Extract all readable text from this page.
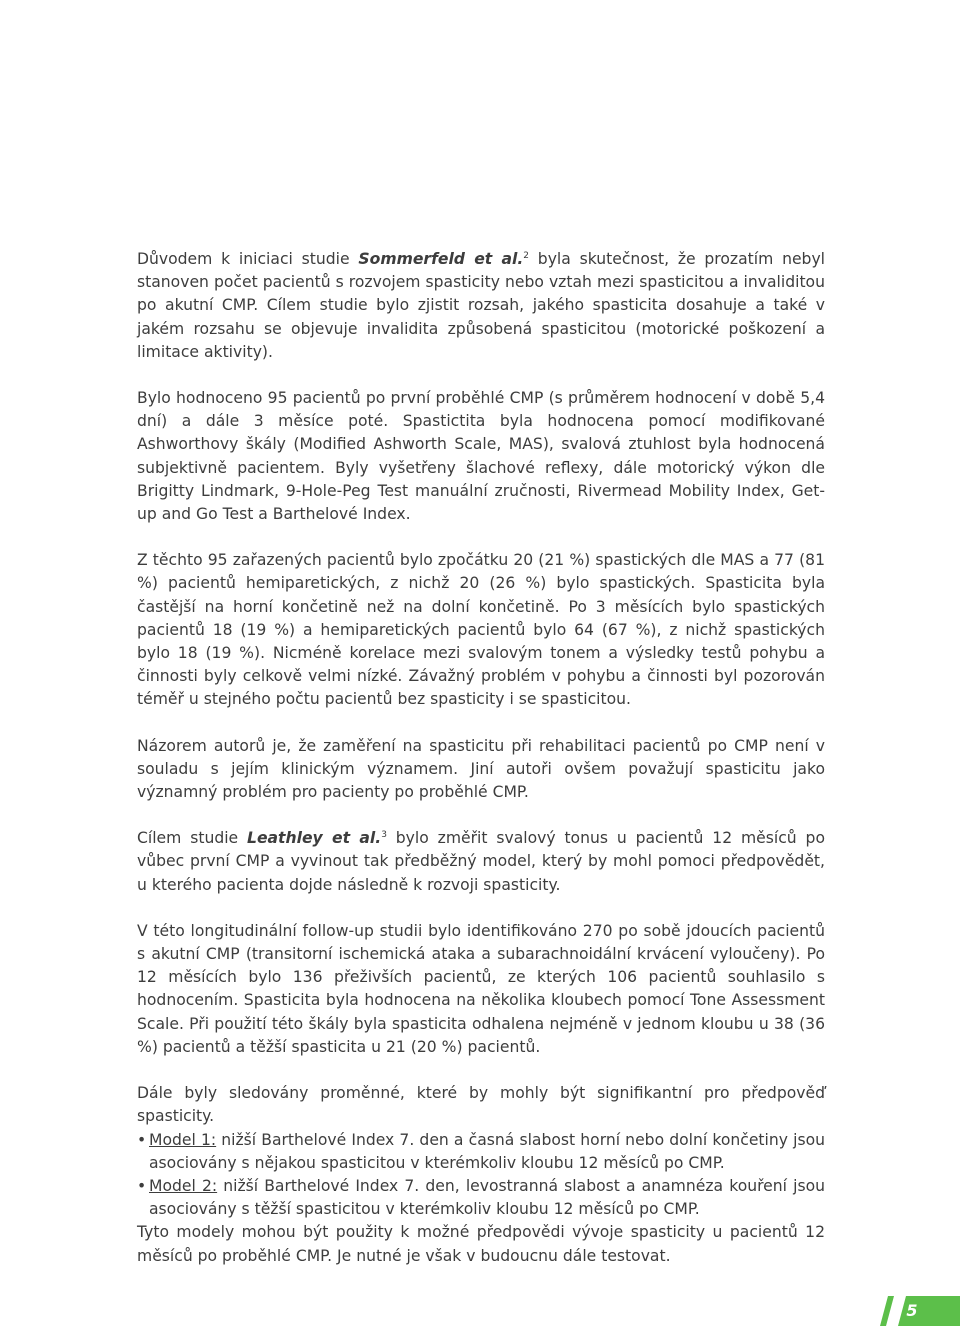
Důvodem k iniciaci studie Sommerfeld et al.$^2$ byla skutečnost, že prozatím nebyl stanoven počet pacientů s rozvojem spasticity nebo vztah mezi spasticitou a invaliditou po akutní CMP. Cílem studie bylo zjistit rozsah, jakého spasticita dosahuje a také v jakém rozsahu se objevuje invalidita způsobená spasticitou (motorické poškození a limitace aktivity).

Bylo hodnoceno 95 pacientů po první proběhlé CMP (s průměrem hodnocení v době 5,4 dní) a dále 3 měsíce poté. Spastictita byla hodnocena pomocí modifikované Ashworthovy škály (Modified Ashworth Scale, MAS), svalová ztuhlost byla hodnocená subjektivně pacientem. Byly vyšetřeny šlachové reflexy, dále motorický výkon dle Brigitty Lindmark, 9-Hole-Peg Test manuální zručnosti, Rivermead Mobility Index, Get-up and Go Test a Barthelové Index.

Z těchto 95 zařazených pacientů bylo zpočátku 20 (21 %) spastických dle MAS a 77 (81 %) pacientů hemiparetických, z nichž 20 (26 %) bylo spastických. Spasticita byla častější na horní končetině než na dolní končetině. Po 3 měsících bylo spastických pacientů 18 (19 %) a hemiparetických pacientů bylo 64 (67 %), z nichž spastických bylo 18 (19 %). Nicméně korelace mezi svalovým tonem a výsledky testů pohybu a činnosti byly celkově velmi nízké. Závažný problém v pohybu a činnosti byl pozorován téměř u stejného počtu pacientů bez spasticity i se spasticitou.

Názorem autorů je, že zaměření na spasticitu při rehabilitaci pacientů po CMP není v souladu s jejím klinickým významem. Jiní autoři ovšem považují spasticitu jako významný problém pro pacienty po proběhlé CMP.

Cílem studie Leathley et al.$^3$ bylo změřit svalový tonus u pacientů 12 měsíců po vůbec první CMP a vyvinout tak předběžný model, který by mohl pomoci předpovědět, u kterého pacienta dojde následně k rozvoji spasticity.

V této longitudinální follow-up studii bylo identifikováno 270 po sobě jdoucích pacientů s akutní CMP (transitorní ischemická ataka a subarachnoidální krvácení vyloučeny). Po 12 měsících bylo 136 přeživších pacientů, ze kterých 106 pacientů souhlasilo s hodnocením. Spasticita byla hodnocena na několika kloubech pomocí Tone Assessment Scale. Při použití této škály byla spasticita odhalena nejméně v jednom kloubu u 38 (36 %) pacientů a těžší spasticita u 21 (20 %) pacientů.

Dále byly sledovány proměnné, které by mohly být signifikantní pro předpověď spasticity.

• Model 1: nižší Barthelové Index 7. den a časná slabost horní nebo dolní končetiny jsou asociovány s nějakou spasticitou v kterémkoliv kloubu 12 měsíců po CMP.
• Model 2: nižší Barthelové Index 7. den, levostranná slabost a anamnéza kouření jsou asociovány s těžší spasticitou v kterémkoliv kloubu 12 měsíců po CMP.

Tyto modely mohou být použity k možné předpovědi vývoje spasticity u pacientů 12 měsíců po proběhlé CMP. Je nutné je však v budoucnu dále testovat.

5
